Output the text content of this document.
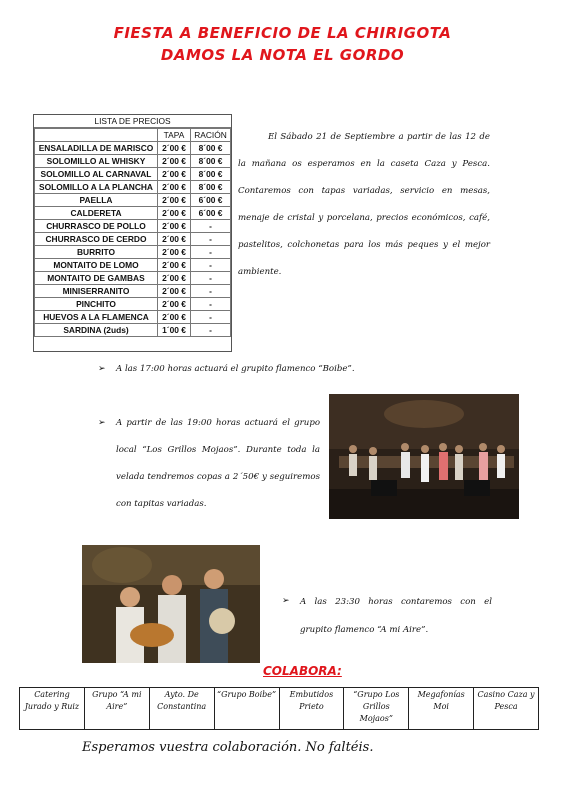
FIESTA A BENEFICIO DE LA CHIRIGOTA
DAMOS LA NOTA EL GORDO
LISTA DE PRECIOS
	TAPA	RACIÓN
ENSALADILLA DE MARISCO	2´00 €	8´00 €
SOLOMILLO AL WHISKY	2´00 €	8´00 €
SOLOMILLO AL CARNAVAL	2´00 €	8´00 €
SOLOMILLO A LA PLANCHA	2´00 €	8´00 €
PAELLA	2´00 €	6´00 €
CALDERETA	2´00 €	6´00 €
CHURRASCO DE POLLO	2´00 €	-
CHURRASCO DE CERDO	2´00 €	-
BURRITO	2´00 €	-
MONTAITO DE LOMO	2´00 €	-
MONTAITO DE GAMBAS	2´00 €	-
MINISERRANITO	2´00 €	-
PINCHITO	2´00 €	-
HUEVOS A LA FLAMENCA	2´00 €	-
SARDINA (2uds)	1´00 €	-
El Sábado 21 de Septiembre a partir de las 12 de la mañana os esperamos en la caseta Caza y Pesca. Contaremos con tapas variadas, servicio en mesas, menaje de cristal y porcelana, precios económicos, café, pastelitos, colchonetas para los más peques y el mejor ambiente.
➢	A las 17:00 horas actuará el grupito flamenco “Boibe”.
➢	A partir de las 19:00 horas actuará el grupo local “Los Grillos Mojaos”. Durante toda la velada tendremos copas a 2´50€ y seguiremos con tapitas variadas.
➢	A las 23:30 horas contaremos con el grupito flamenco “A mi Aire”.
COLABORA:
Catering Jurado y Ruiz	Grupo “A mi Aire”	Ayto. De Constantina	“Grupo Boibe”	Embutidos Prieto	“Grupo Los Grillos Mojaos”	Megafonías Moi	Casino Caza y Pesca
Esperamos vuestra colaboración. No faltéis.
